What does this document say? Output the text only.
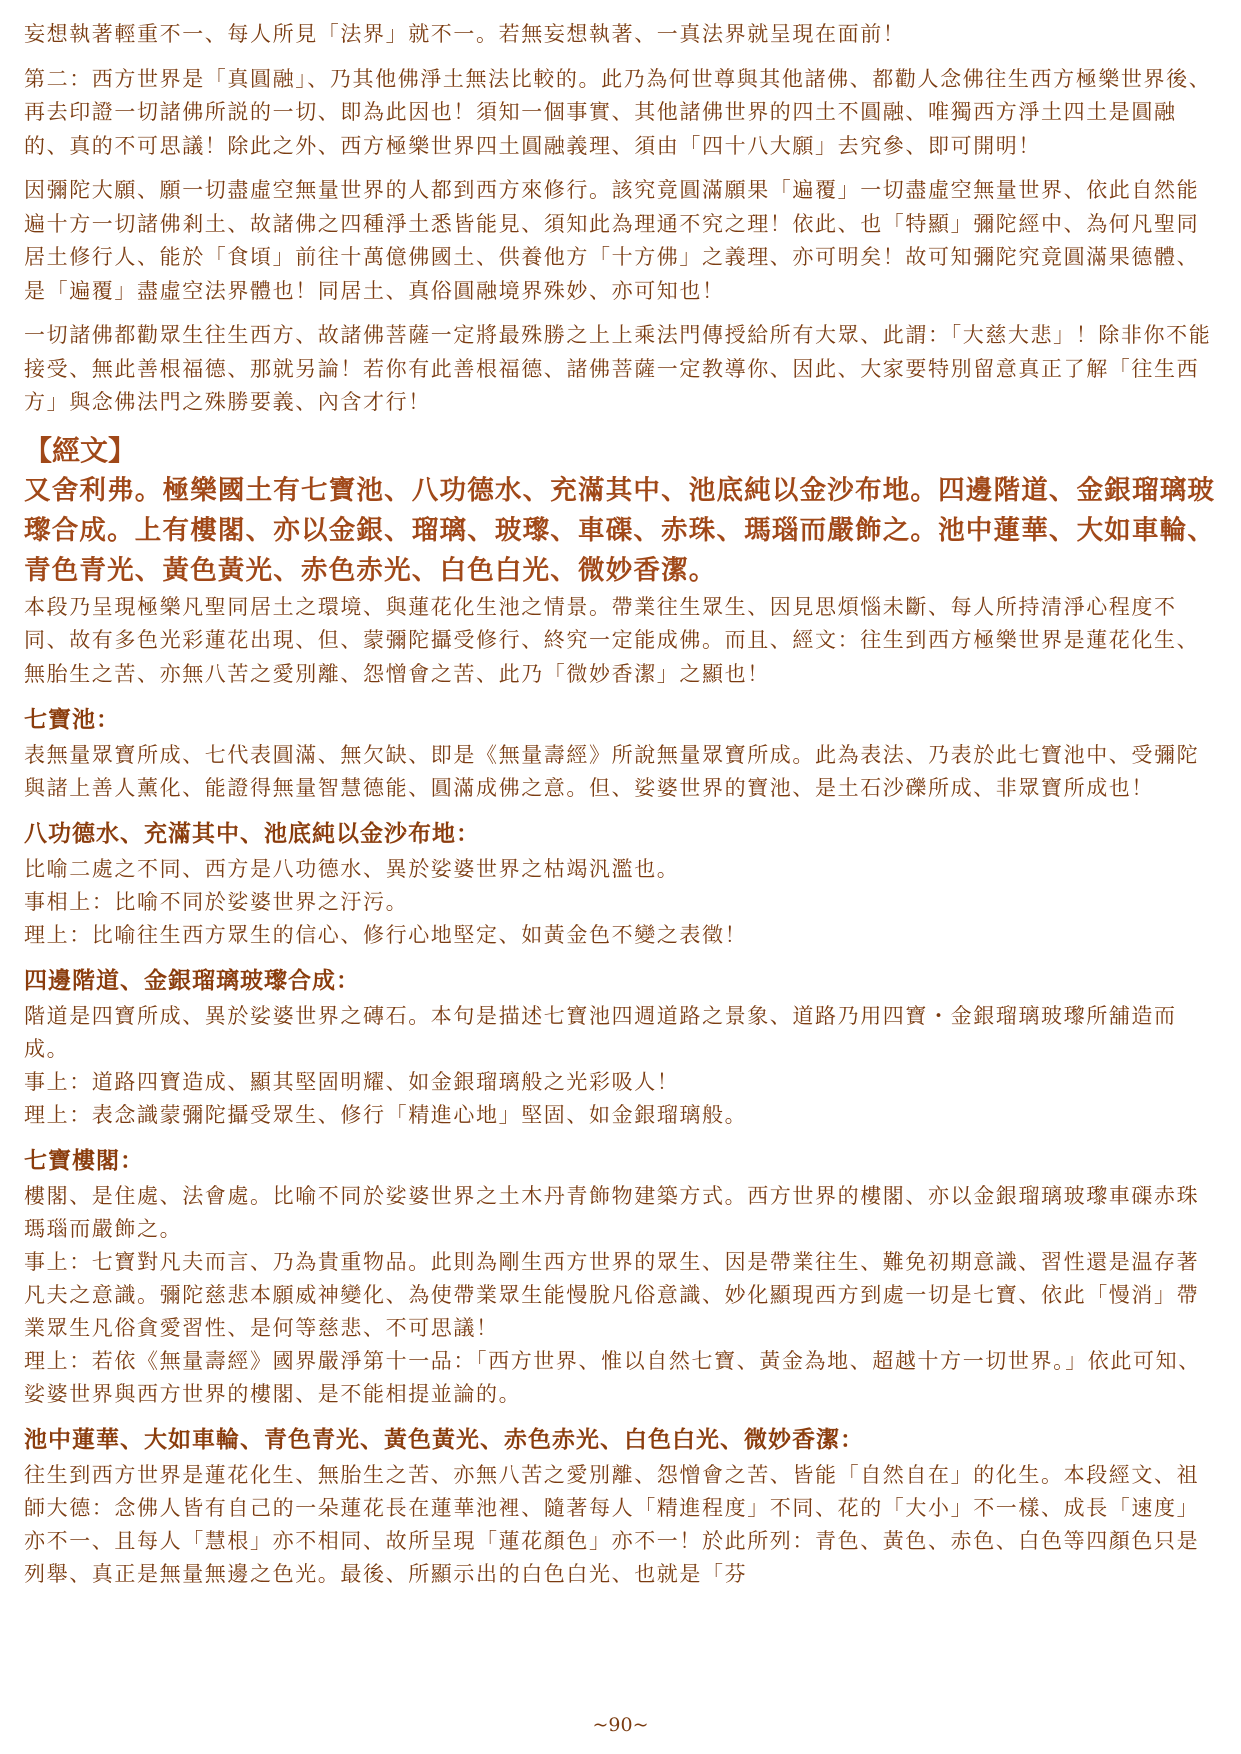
妄想執著輕重不一、每人所見「法界」就不一。若無妄想執著、一真法界就呈現在面前！

第二：西方世界是「真圓融」、乃其他佛淨土無法比較的。此乃為何世尊與其他諸佛、都勸人念佛往生西方極樂世界後、再去印證一切諸佛所説的一切、即為此因也！須知一個事實、其他諸佛世界的四土不圓融、唯獨西方淨土四土是圓融的、真的不可思議！除此之外、西方極樂世界四土圓融義理、須由「四十八大願」去究參、即可開明！

因彌陀大願、願一切盡虛空無量世界的人都到西方來修行。該究竟圓滿願果「遍覆」一切盡虛空無量世界、依此自然能遍十方一切諸佛剎土、故諸佛之四種淨土悉皆能見、須知此為理通不究之理！依此、也「特顯」彌陀經中、為何凡聖同居土修行人、能於「食頃」前往十萬億佛國土、供養他方「十方佛」之義理、亦可明矣！故可知彌陀究竟圓滿果德體、是「遍覆」盡虛空法界體也！同居土、真俗圓融境界殊妙、亦可知也！

一切諸佛都勸眾生往生西方、故諸佛菩薩一定將最殊勝之上上乘法門傳授給所有大眾、此謂：「大慈大悲」！除非你不能接受、無此善根福德、那就另論！若你有此善根福德、諸佛菩薩一定教導你、因此、大家要特別留意真正了解「往生西方」與念佛法門之殊勝要義、內含才行！

【經文】

又舍利弗。極樂國土有七寶池、八功德水、充滿其中、池底純以金沙布地。四邊階道、金銀瑠璃玻瓈合成。上有樓閣、亦以金銀、瑠璃、玻瓈、車磲、赤珠、瑪瑙而嚴飾之。池中蓮華、大如車輪、青色青光、黃色黃光、赤色赤光、白色白光、微妙香潔。

本段乃呈現極樂凡聖同居土之環境、與蓮花化生池之情景。帶業往生眾生、因見思煩惱未斷、每人所持清淨心程度不同、故有多色光彩蓮花出現、但、蒙彌陀攝受修行、終究一定能成佛。而且、經文：往生到西方極樂世界是蓮花化生、無胎生之苦、亦無八苦之愛別離、怨憎會之苦、此乃「微妙香潔」之顯也！

七寶池：

表無量眾寶所成、七代表圓滿、無欠缺、即是《無量壽經》所說無量眾寶所成。此為表法、乃表於此七寶池中、受彌陀與諸上善人薰化、能證得無量智慧德能、圓滿成佛之意。但、娑婆世界的寶池、是土石沙礫所成、非眾寶所成也！

八功德水、充滿其中、池底純以金沙布地：

比喻二處之不同、西方是八功德水、異於娑婆世界之枯竭汎濫也。

事相上：比喻不同於娑婆世界之汙污。

理上：比喻往生西方眾生的信心、修行心地堅定、如黃金色不變之表徵！

四邊階道、金銀瑠璃玻瓈合成：

階道是四寶所成、異於娑婆世界之磚石。本句是描述七寶池四週道路之景象、道路乃用四寶・金銀瑠璃玻瓈所舖造而成。

事上：道路四寶造成、顯其堅固明耀、如金銀瑠璃般之光彩吸人！

理上：表念識蒙彌陀攝受眾生、修行「精進心地」堅固、如金銀瑠璃般。

七寶樓閣：

樓閣、是住處、法會處。比喻不同於娑婆世界之土木丹青飾物建築方式。西方世界的樓閣、亦以金銀瑠璃玻瓈車磲赤珠瑪瑙而嚴飾之。

事上：七寶對凡夫而言、乃為貴重物品。此則為剛生西方世界的眾生、因是帶業往生、難免初期意識、習性還是温存著凡夫之意識。彌陀慈悲本願威神變化、為使帶業眾生能慢脫凡俗意識、妙化顯現西方到處一切是七寶、依此「慢消」帶業眾生凡俗貪愛習性、是何等慈悲、不可思議！

理上：若依《無量壽經》國界嚴淨第十一品：「西方世界、惟以自然七寶、黃金為地、超越十方一切世界。」依此可知、娑婆世界與西方世界的樓閣、是不能相提並論的。

池中蓮華、大如車輪、青色青光、黃色黃光、赤色赤光、白色白光、微妙香潔：

往生到西方世界是蓮花化生、無胎生之苦、亦無八苦之愛別離、怨憎會之苦、皆能「自然自在」的化生。本段經文、祖師大德：念佛人皆有自己的一朵蓮花長在蓮華池裡、隨著每人「精進程度」不同、花的「大小」不一樣、成長「速度」亦不一、且每人「慧根」亦不相同、故所呈現「蓮花顏色」亦不一！於此所列：青色、黃色、赤色、白色等四顏色只是列舉、真正是無量無邊之色光。最後、所顯示出的白色白光、也就是「芬

~90~
